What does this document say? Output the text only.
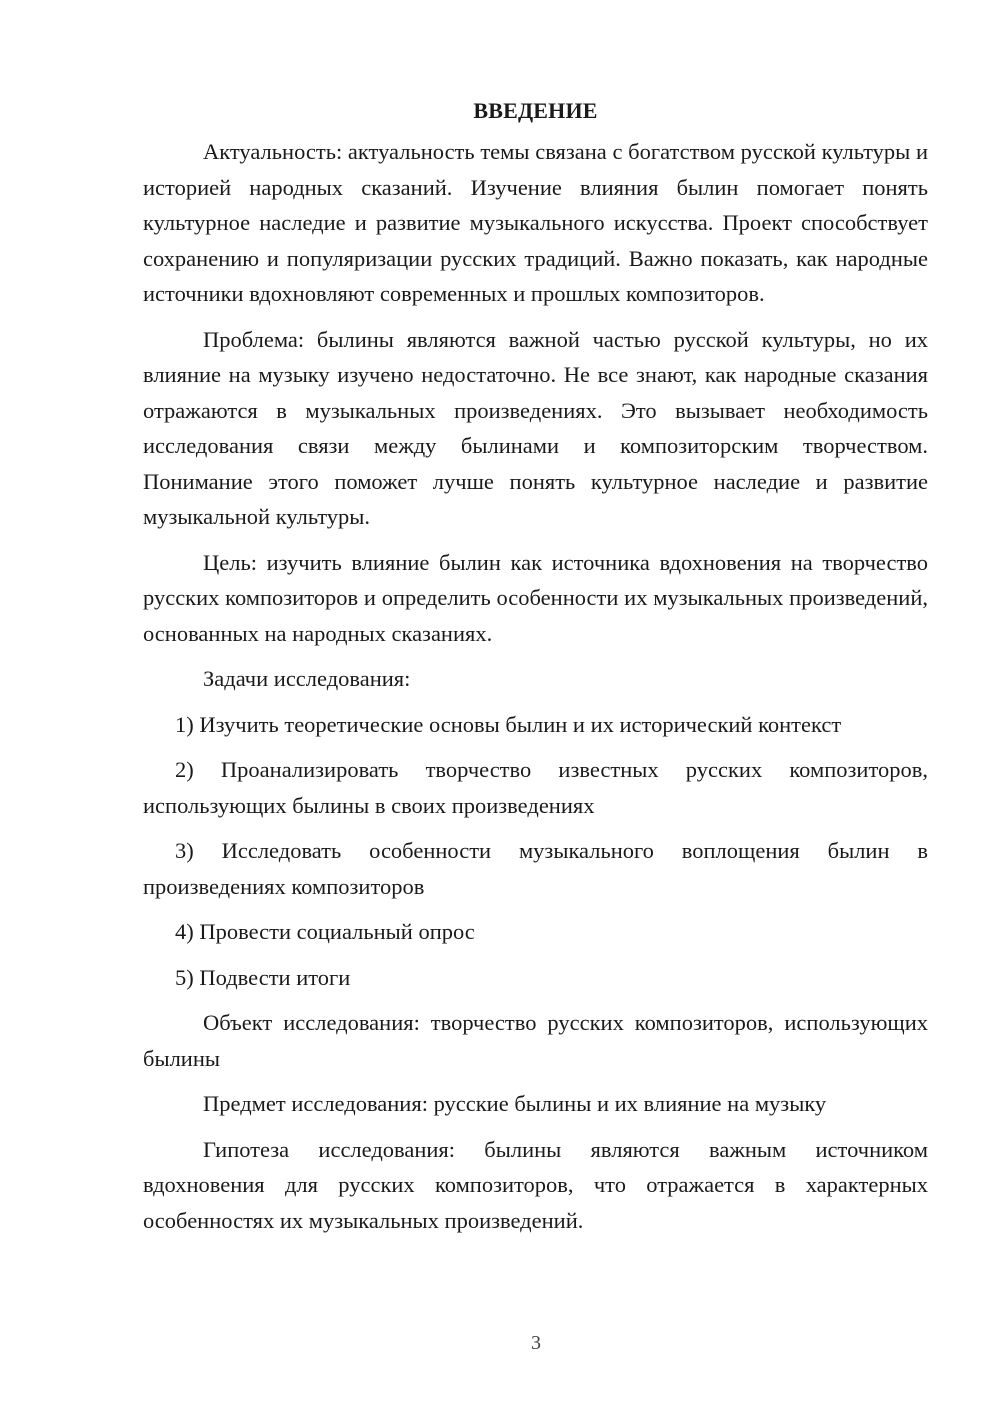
ВВЕДЕНИЕ

Актуальность: актуальность темы связана с богатством русской культуры и историей народных сказаний. Изучение влияния былин помогает понять культурное наследие и развитие музыкального искусства. Проект способствует сохранению и популяризации русских традиций. Важно показать, как народные источники вдохновляют современных и прошлых композиторов.

Проблема: былины являются важной частью русской культуры, но их влияние на музыку изучено недостаточно. Не все знают, как народные сказания отражаются в музыкальных произведениях. Это вызывает необходимость исследования связи между былинами и композиторским творчеством. Понимание этого поможет лучше понять культурное наследие и развитие музыкальной культуры.

Цель: изучить влияние былин как источника вдохновения на творчество русских композиторов и определить особенности их музыкальных произведений, основанных на народных сказаниях.

Задачи исследования:

1) Изучить теоретические основы былин и их исторический контекст

2) Проанализировать творчество известных русских композиторов, использующих былины в своих произведениях

3) Исследовать особенности музыкального воплощения былин в произведениях композиторов

4) Провести социальный опрос

5) Подвести итоги

Объект исследования: творчество русских композиторов, использующих былины

Предмет исследования: русские былины и их влияние на музыку

Гипотеза исследования: былины являются важным источником вдохновения для русских композиторов, что отражается в характерных особенностях их музыкальных произведений.

3
